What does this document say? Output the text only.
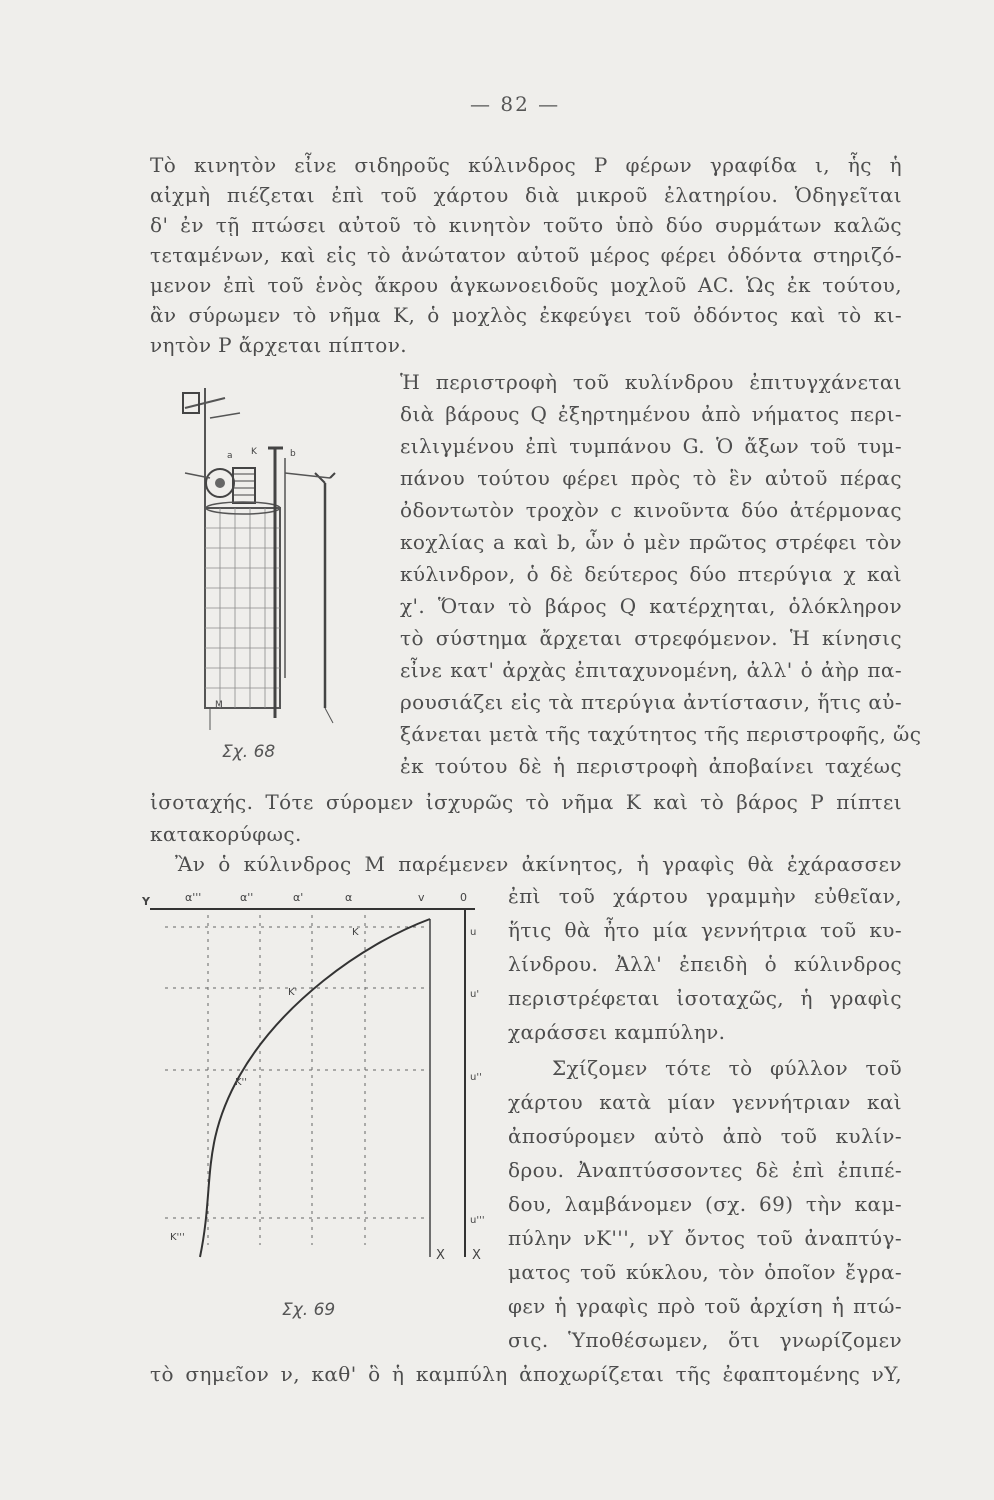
— 82 —
Τὸ κινητὸν εἶνε σιδηροῦς κύλινδρος P φέρων γραφίδα ι, ἧς ἡ
αἰχμὴ πιέζεται ἐπὶ τοῦ χάρτου διὰ μικροῦ ἐλατηρίου. Ὁδηγεῖται
δ' ἐν τῇ πτώσει αὐτοῦ τὸ κινητὸν τοῦτο ὑπὸ δύο συρμάτων καλῶς
τεταμένων, καὶ εἰς τὸ ἀνώτατον αὐτοῦ μέρος φέρει ὀδόντα στηριζό-
μενον ἐπὶ τοῦ ἑνὸς ἄκρου ἀγκωνοειδοῦς μοχλοῦ AC. Ὡς ἐκ τούτου,
ἂν σύρωμεν τὸ νῆμα K, ὁ μοχλὸς ἐκφεύγει τοῦ ὀδόντος καὶ τὸ κι-
νητὸν P ἄρχεται πίπτον.
K
M
a	b
Σχ. 68
Ἡ περιστροφὴ τοῦ κυλίνδρου ἐπιτυγχάνεται
διὰ βάρους Q ἐξηρτημένου ἀπὸ νήματος περι-
ειλιγμένου ἐπὶ τυμπάνου G. Ὁ ἄξων τοῦ τυμ-
πάνου τούτου φέρει πρὸς τὸ ἓν αὐτοῦ πέρας
ὀδοντωτὸν τροχὸν c κινοῦντα δύο ἀτέρμονας
κοχλίας a καὶ b, ὧν ὁ μὲν πρῶτος στρέφει τὸν
κύλινδρον, ὁ δὲ δεύτερος δύο πτερύγια χ καὶ
χ'. Ὅταν τὸ βάρος Q κατέρχηται, ὁλόκληρον
τὸ σύστημα ἄρχεται στρεφόμενον. Ἡ κίνησις
εἶνε κατ' ἀρχὰς ἐπιταχυνομένη, ἀλλ' ὁ ἀὴρ πα-
ρουσιάζει εἰς τὰ πτερύγια ἀντίστασιν, ἥτις αὐ-
ξάνεται μετὰ τῆς ταχύτητος τῆς περιστροφῆς, ὥς
ἐκ τούτου δὲ ἡ περιστροφὴ ἀποβαίνει ταχέως
ἰσοταχής. Τότε σύρομεν ἰσχυρῶς τὸ νῆμα K καὶ τὸ βάρος P πίπτει
κατακορύφως.
Ἂν ὁ κύλινδρος M παρέμενεν ἀκίνητος, ἡ γραφὶς θὰ ἐχάρασσεν
Y	α'''	α''	α'	α	v	0
K
K'
K''
K'''
u
u'
u''
u'''
X X
Σχ. 69
ἐπὶ τοῦ χάρτου γραμμὴν εὐθεῖαν,
ἥτις θὰ ἦτο μία γεννήτρια τοῦ κυ-
λίνδρου. Ἀλλ' ἐπειδὴ ὁ κύλινδρος
περιστρέφεται ἰσοταχῶς, ἡ γραφὶς
χαράσσει καμπύλην.
Σχίζομεν τότε τὸ φύλλον τοῦ
χάρτου κατὰ μίαν γεννήτριαν καὶ
ἀποσύρομεν αὐτὸ ἀπὸ τοῦ κυλίν-
δρου. Ἀναπτύσσοντες δὲ ἐπὶ ἐπιπέ-
δου, λαμβάνομεν (σχ. 69) τὴν καμ-
πύλην νK''', νY ὄντος τοῦ ἀναπτύγ-
ματος τοῦ κύκλου, τὸν ὁποῖον ἔγρα-
φεν ἡ γραφὶς πρὸ τοῦ ἀρχίση ἡ πτώ-
σις. Ὑποθέσωμεν, ὅτι γνωρίζομεν
τὸ σημεῖον ν, καθ' ὃ ἡ καμπύλη ἀποχωρίζεται τῆς ἐφαπτομένης νY,
